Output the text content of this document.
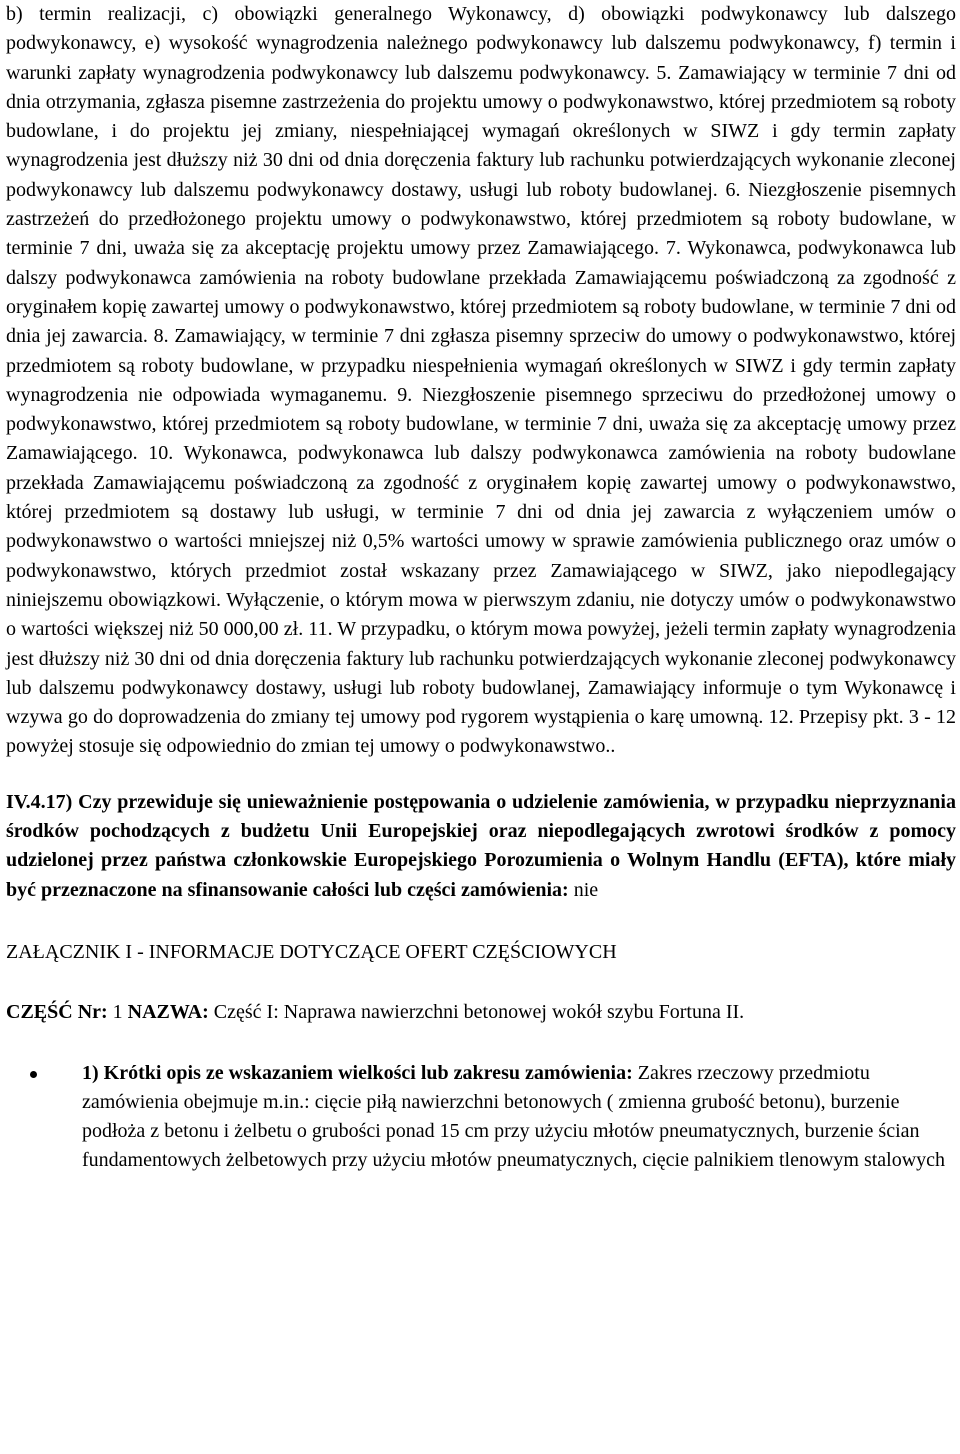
b) termin realizacji, c) obowiązki generalnego Wykonawcy, d) obowiązki podwykonawcy lub dalszego podwykonawcy, e) wysokość wynagrodzenia należnego podwykonawcy lub dalszemu podwykonawcy, f) termin i warunki zapłaty wynagrodzenia podwykonawcy lub dalszemu podwykonawcy. 5. Zamawiający w terminie 7 dni od dnia otrzymania, zgłasza pisemne zastrzeżenia do projektu umowy o podwykonawstwo, której przedmiotem są roboty budowlane, i do projektu jej zmiany, niespełniającej wymagań określonych w SIWZ i gdy termin zapłaty wynagrodzenia jest dłuższy niż 30 dni od dnia doręczenia faktury lub rachunku potwierdzających wykonanie zleconej podwykonawcy lub dalszemu podwykonawcy dostawy, usługi lub roboty budowlanej. 6. Niezgłoszenie pisemnych zastrzeżeń do przedłożonego projektu umowy o podwykonawstwo, której przedmiotem są roboty budowlane, w terminie 7 dni, uważa się za akceptację projektu umowy przez Zamawiającego. 7. Wykonawca, podwykonawca lub dalszy podwykonawca zamówienia na roboty budowlane przekłada Zamawiającemu poświadczoną za zgodność z oryginałem kopię zawartej umowy o podwykonawstwo, której przedmiotem są roboty budowlane, w terminie 7 dni od dnia jej zawarcia. 8. Zamawiający, w terminie 7 dni zgłasza pisemny sprzeciw do umowy o podwykonawstwo, której przedmiotem są roboty budowlane, w przypadku niespełnienia wymagań określonych w SIWZ i gdy termin zapłaty wynagrodzenia nie odpowiada wymaganemu. 9. Niezgłoszenie pisemnego sprzeciwu do przedłożonej umowy o podwykonawstwo, której przedmiotem są roboty budowlane, w terminie 7 dni, uważa się za akceptację umowy przez Zamawiającego. 10. Wykonawca, podwykonawca lub dalszy podwykonawca zamówienia na roboty budowlane przekłada Zamawiającemu poświadczoną za zgodność z oryginałem kopię zawartej umowy o podwykonawstwo, której przedmiotem są dostawy lub usługi, w terminie 7 dni od dnia jej zawarcia z wyłączeniem umów o podwykonawstwo o wartości mniejszej niż 0,5% wartości umowy w sprawie zamówienia publicznego oraz umów o podwykonawstwo, których przedmiot został wskazany przez Zamawiającego w SIWZ, jako niepodlegający niniejszemu obowiązkowi. Wyłączenie, o którym mowa w pierwszym zdaniu, nie dotyczy umów o podwykonawstwo o wartości większej niż 50 000,00 zł. 11. W przypadku, o którym mowa powyżej, jeżeli termin zapłaty wynagrodzenia jest dłuższy niż 30 dni od dnia doręczenia faktury lub rachunku potwierdzających wykonanie zleconej podwykonawcy lub dalszemu podwykonawcy dostawy, usługi lub roboty budowlanej, Zamawiający informuje o tym Wykonawcę i wzywa go do doprowadzenia do zmiany tej umowy pod rygorem wystąpienia o karę umowną. 12. Przepisy pkt. 3 - 12 powyżej stosuje się odpowiednio do zmian tej umowy o podwykonawstwo..

IV.4.17) Czy przewiduje się unieważnienie postępowania o udzielenie zamówienia, w przypadku nieprzyznania środków pochodzących z budżetu Unii Europejskiej oraz niepodlegających zwrotowi środków z pomocy udzielonej przez państwa członkowskie Europejskiego Porozumienia o Wolnym Handlu (EFTA), które miały być przeznaczone na sfinansowanie całości lub części zamówienia: nie

ZAŁĄCZNIK I - INFORMACJE DOTYCZĄCE OFERT CZĘŚCIOWYCH

CZĘŚĆ Nr: 1 NAZWA: Część I: Naprawa nawierzchni betonowej wokół szybu Fortuna II.

1) Krótki opis ze wskazaniem wielkości lub zakresu zamówienia: Zakres rzeczowy przedmiotu zamówienia obejmuje m.in.: cięcie piłą nawierzchni betonowych ( zmienna grubość betonu), burzenie podłoża z betonu i żelbetu o grubości ponad 15 cm przy użyciu młotów pneumatycznych, burzenie ścian fundamentowych żelbetowych przy użyciu młotów pneumatycznych, cięcie palnikiem tlenowym stalowych
